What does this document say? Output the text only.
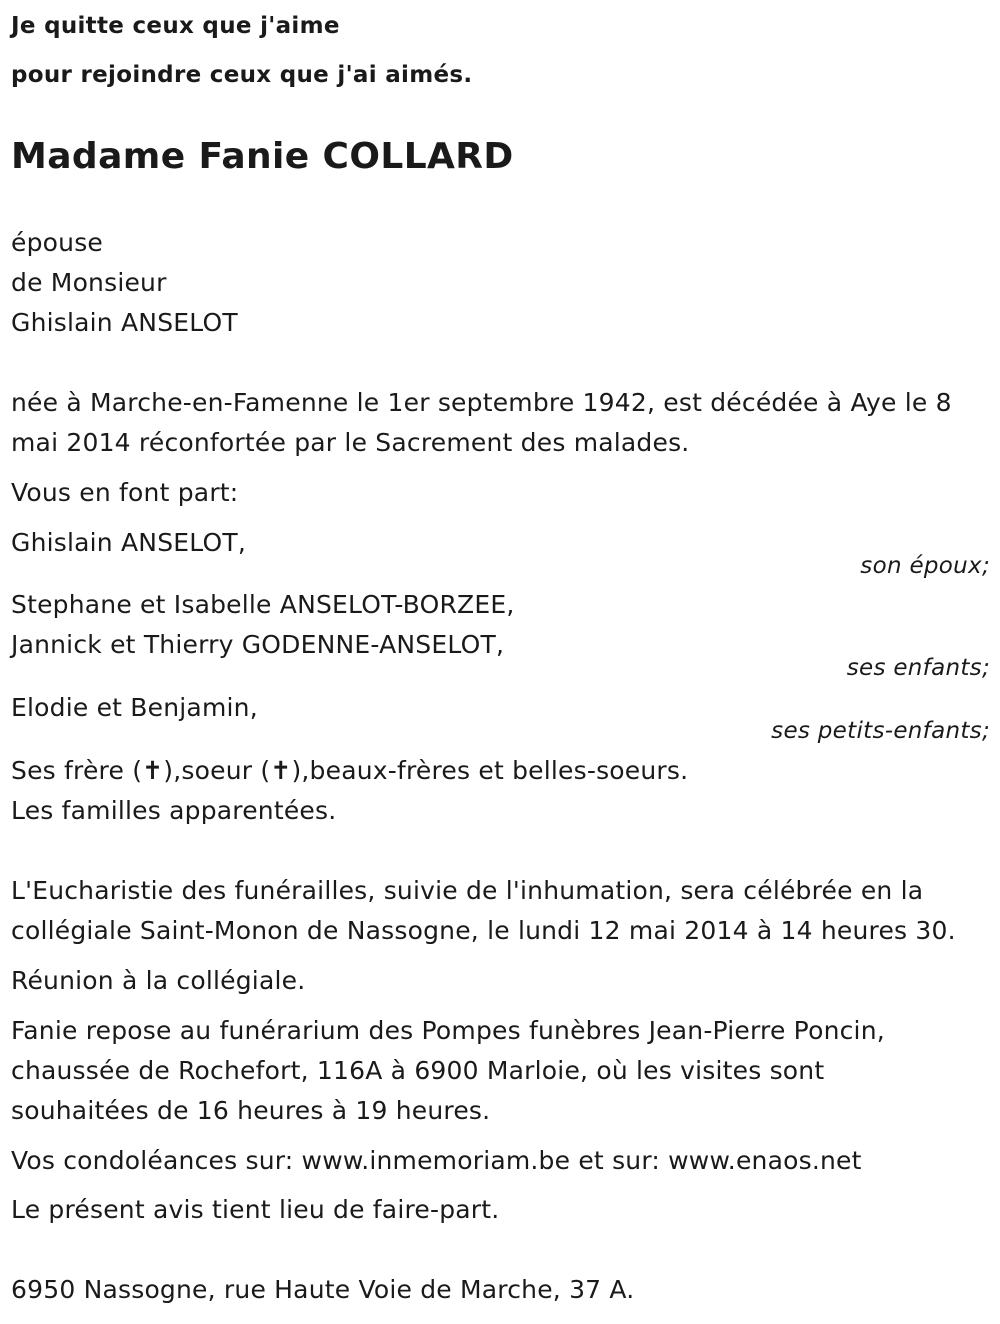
Je quitte ceux que j'aime
pour rejoindre ceux que j'ai aimés.
Madame Fanie COLLARD
épouse
de Monsieur
Ghislain ANSELOT
née à Marche-en-Famenne le 1er septembre 1942, est décédée à Aye le 8
mai 2014 réconfortée par le Sacrement des malades.
Vous en font part:
Ghislain ANSELOT,
son époux;
Stephane et Isabelle ANSELOT-BORZEE,
Jannick et Thierry GODENNE-ANSELOT,
ses enfants;
Elodie et Benjamin,
ses petits-enfants;
Ses frère (✝),soeur (✝),beaux-frères et belles-soeurs.
Les familles apparentées.
L'Eucharistie des funérailles, suivie de l'inhumation, sera célébrée en la
collégiale Saint-Monon de Nassogne, le lundi 12 mai 2014 à 14 heures 30.
Réunion à la collégiale.
Fanie repose au funérarium des Pompes funèbres Jean-Pierre Poncin,
chaussée de Rochefort, 116A à 6900 Marloie, où les visites sont
souhaitées de 16 heures à 19 heures.
Vos condoléances sur: www.inmemoriam.be et sur: www.enaos.net
Le présent avis tient lieu de faire-part.
6950 Nassogne, rue Haute Voie de Marche, 37 A.
